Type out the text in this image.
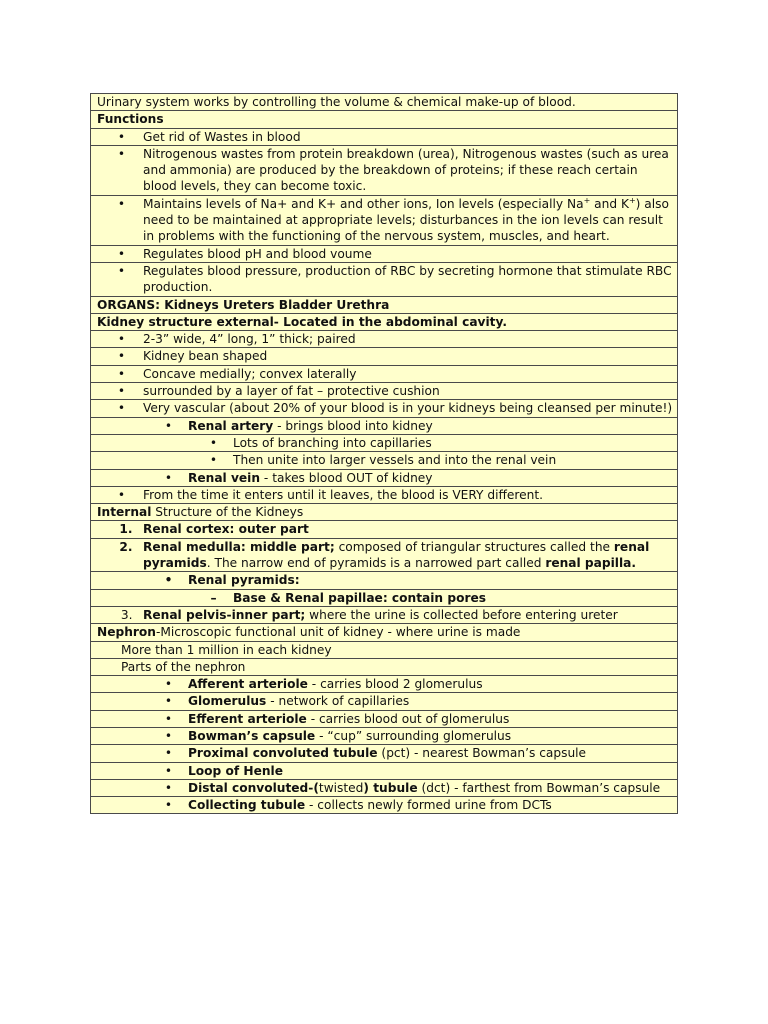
Urinary system works by controlling the volume & chemical make-up of blood.
Functions

• Get rid of Wastes in blood

• Nitrogenous wastes from protein breakdown (urea), Nitrogenous wastes (such as urea and ammonia) are produced by the breakdown of proteins; if these reach certain blood levels, they can become toxic.

• Maintains levels of Na+ and K+ and other ions, Ion levels (especially Na+ and K+) also need to be maintained at appropriate levels; disturbances in the ion levels can result in problems with the functioning of the nervous system, muscles, and heart.

• Regulates blood pH and blood voume

• Regulates blood pressure, production of RBC by secreting hormone that stimulate RBC production.

ORGANS: Kidneys Ureters Bladder Urethra
Kidney structure external- Located in the abdominal cavity.

• 2-3” wide, 4” long, 1” thick; paired

• Kidney bean shaped

• Concave medially; convex laterally

• surrounded by a layer of fat – protective cushion

• Very vascular (about 20% of your blood is in your kidneys being cleansed per minute!)

• Renal artery - brings blood into kidney

• Lots of branching into capillaries

• Then unite into larger vessels and into the renal vein

• Renal vein - takes blood OUT of kidney

• From the time it enters until it leaves, the blood is VERY different.

Internal Structure of the Kidneys

1. Renal cortex: outer part

2. Renal medulla: middle part; composed of triangular structures called the renal pyramids. The narrow end of pyramids is a narrowed part called renal papilla.

• Renal pyramids:

–	Base & Renal papillae: contain pores

3. Renal pelvis-inner part; where the urine is collected before entering ureter

Nephron-Microscopic functional unit of kidney - where urine is made

More than 1 million in each kidney

Parts of the nephron

• Afferent arteriole - carries blood 2 glomerulus

• Glomerulus - network of capillaries

• Efferent arteriole - carries blood out of glomerulus

• Bowman’s capsule - “cup” surrounding glomerulus

• Proximal convoluted tubule (pct) - nearest Bowman’s capsule

• Loop of Henle

• Distal convoluted-(twisted) tubule (dct) - farthest from Bowman’s capsule

• Collecting tubule - collects newly formed urine from DCTs
